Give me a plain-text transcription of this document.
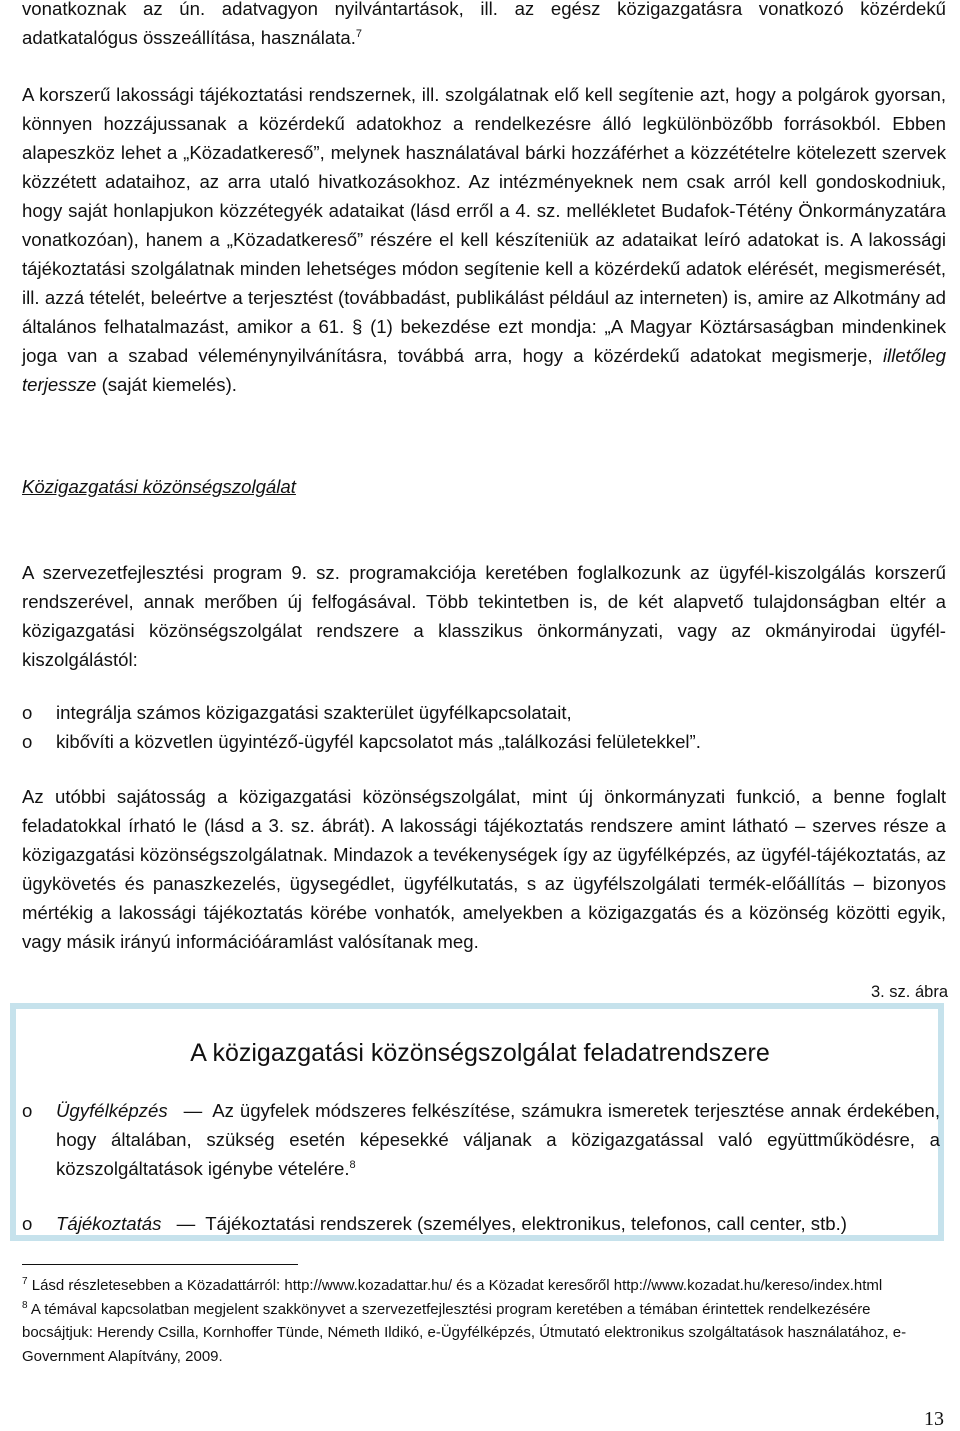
vonatkoznak az ún. adatvagyon nyilvántartások, ill. az egész közigazgatásra vonatkozó közérdekű adatkatalógus összeállítása, használata.$^7$

A korszerű lakossági tájékoztatási rendszernek, ill. szolgálatnak elő kell segítenie azt, hogy a polgárok gyorsan, könnyen hozzájussanak a közérdekű adatokhoz a rendelkezésre álló legkülönbözőbb forrásokból. Ebben alapeszköz lehet a „Közadatkereső”, melynek használatával bárki hozzáférhet a közzétételre kötelezett szervek közzétett adataihoz, az arra utaló hivatkozásokhoz. Az intézményeknek nem csak arról kell gondoskodniuk, hogy saját honlapjukon közzétegyék adataikat (lásd erről a 4. sz. mellékletet Budafok-Tétény Önkormányzatára vonatkozóan), hanem a „Közadatkereső” részére el kell készíteniük az adataikat leíró adatokat is. A lakossági tájékoztatási szolgálatnak minden lehetséges módon segítenie kell a közérdekű adatok elérését, megismerését, ill. azzá tételét, beleértve a terjesztést (továbbadást, publikálást például az interneten) is, amire az Alkotmány ad általános felhatalmazást, amikor a 61. § (1) bekezdése ezt mondja: „A Magyar Köztársaságban mindenkinek joga van a szabad véleménynyilvánításra, továbbá arra, hogy a közérdekű adatokat megismerje, illetőleg terjessze (saját kiemelés).

Közigazgatási közönségszolgálat

A szervezetfejlesztési program 9. sz. programakciója keretében foglalkozunk az ügyfél-kiszolgálás korszerű rendszerével, annak merőben új felfogásával. Több tekintetben is, de két alapvető tulajdonságban eltér a közigazgatási közönségszolgálat rendszere a klasszikus önkormányzati, vagy az okmányirodai ügyfél-kiszolgálástól:

o integrálja számos közigazgatási szakterület ügyfélkapcsolatait,
o kibővíti a közvetlen ügyintéző-ügyfél kapcsolatot más „találkozási felületekkel”.

Az utóbbi sajátosság a közigazgatási közönségszolgálat, mint új önkormányzati funkció, a benne foglalt feladatokkal írható le (lásd a 3. sz. ábrát). A lakossági tájékoztatás rendszere amint látható – szerves része a közigazgatási közönségszolgálatnak. Mindazok a tevékenységek így az ügyfélképzés, az ügyfél-tájékoztatás, az ügykövetés és panaszkezelés, ügysegédlet, ügyfélkutatás, s az ügyfélszolgálati termék-előállítás – bizonyos mértékig a lakossági tájékoztatás körébe vonhatók, amelyekben a közigazgatás és a közönség közötti egyik, vagy másik irányú információáramlást valósítanak meg.

3. sz. ábra

A közigazgatási közönségszolgálat feladatrendszere

o Ügyfélképzés — Az ügyfelek módszeres felkészítése, számukra ismeretek terjesztése annak érdekében, hogy általában, szükség esetén képesekké váljanak a közigazgatással való együttműködésre, a közszolgáltatások igénybe vételére.$^8$
o Tájékoztatás — Tájékoztatási rendszerek (személyes, elektronikus, telefonos, call center, stb.)

$^7$ Lásd részletesebben a Közadattárról: http://www.kozadattar.hu/ és a Közadat keresőről http://www.kozadat.hu/kereso/index.html

$^8$ A témával kapcsolatban megjelent szakkönyvet a szervezetfejlesztési program keretében a témában érintettek rendelkezésére bocsájtjuk: Herendy Csilla, Kornhoffer Tünde, Németh Ildikó, e-Ügyfélképzés, Útmutató elektronikus szolgáltatások használatához, e-Government Alapítvány, 2009.

13
